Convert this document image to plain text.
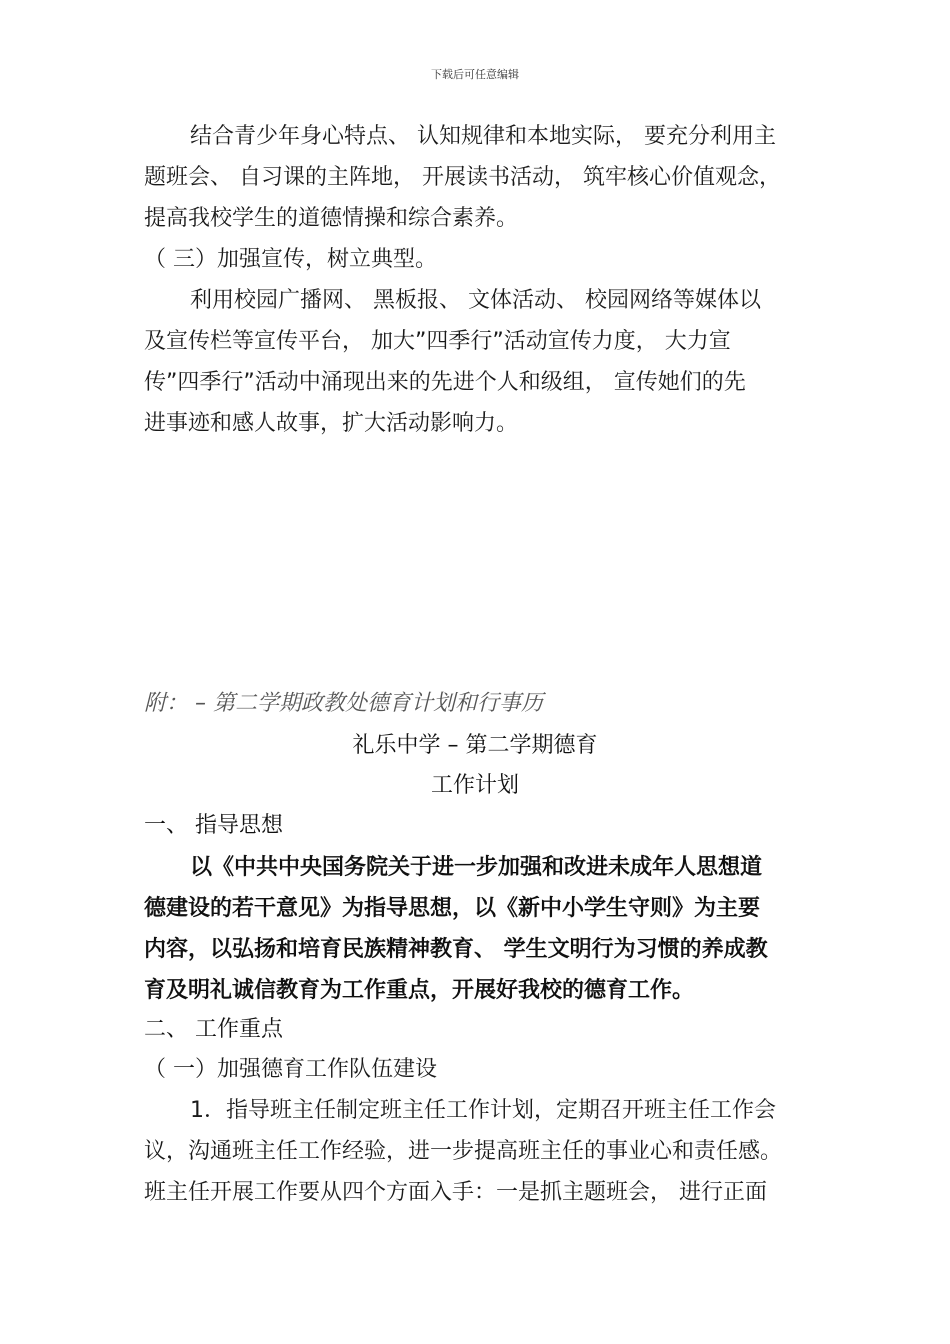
下载后可任意编辑
结合青少年身心特点、 认知规律和本地实际， 要充分利用主
题班会、 自习课的主阵地， 开展读书活动， 筑牢核心价值观念，
提高我校学生的道德情操和综合素养。
（ 三）加强宣传，树立典型。
利用校园广播网、 黑板报、 文体活动、 校园网络等媒体以
及宣传栏等宣传平台， 加大”四季行”活动宣传力度， 大力宣
传”四季行”活动中涌现出来的先进个人和级组， 宣传她们的先
进事迹和感人故事，扩大活动影响力。
附： – 第二学期政教处德育计划和行事历
礼乐中学 – 第二学期德育
工作计划
一、 指导思想
以《中共中央国务院关于进一步加强和改进未成年人思想道
德建设的若干意见》为指导思想，以《新中小学生守则》为主要
内容，以弘扬和培育民族精神教育、 学生文明行为习惯的养成教
育及明礼诚信教育为工作重点，开展好我校的德育工作。
二、 工作重点
（ 一）加强德育工作队伍建设
1．指导班主任制定班主任工作计划，定期召开班主任工作会
议，沟通班主任工作经验，进一步提高班主任的事业心和责任感。
班主任开展工作要从四个方面入手：一是抓主题班会， 进行正面
